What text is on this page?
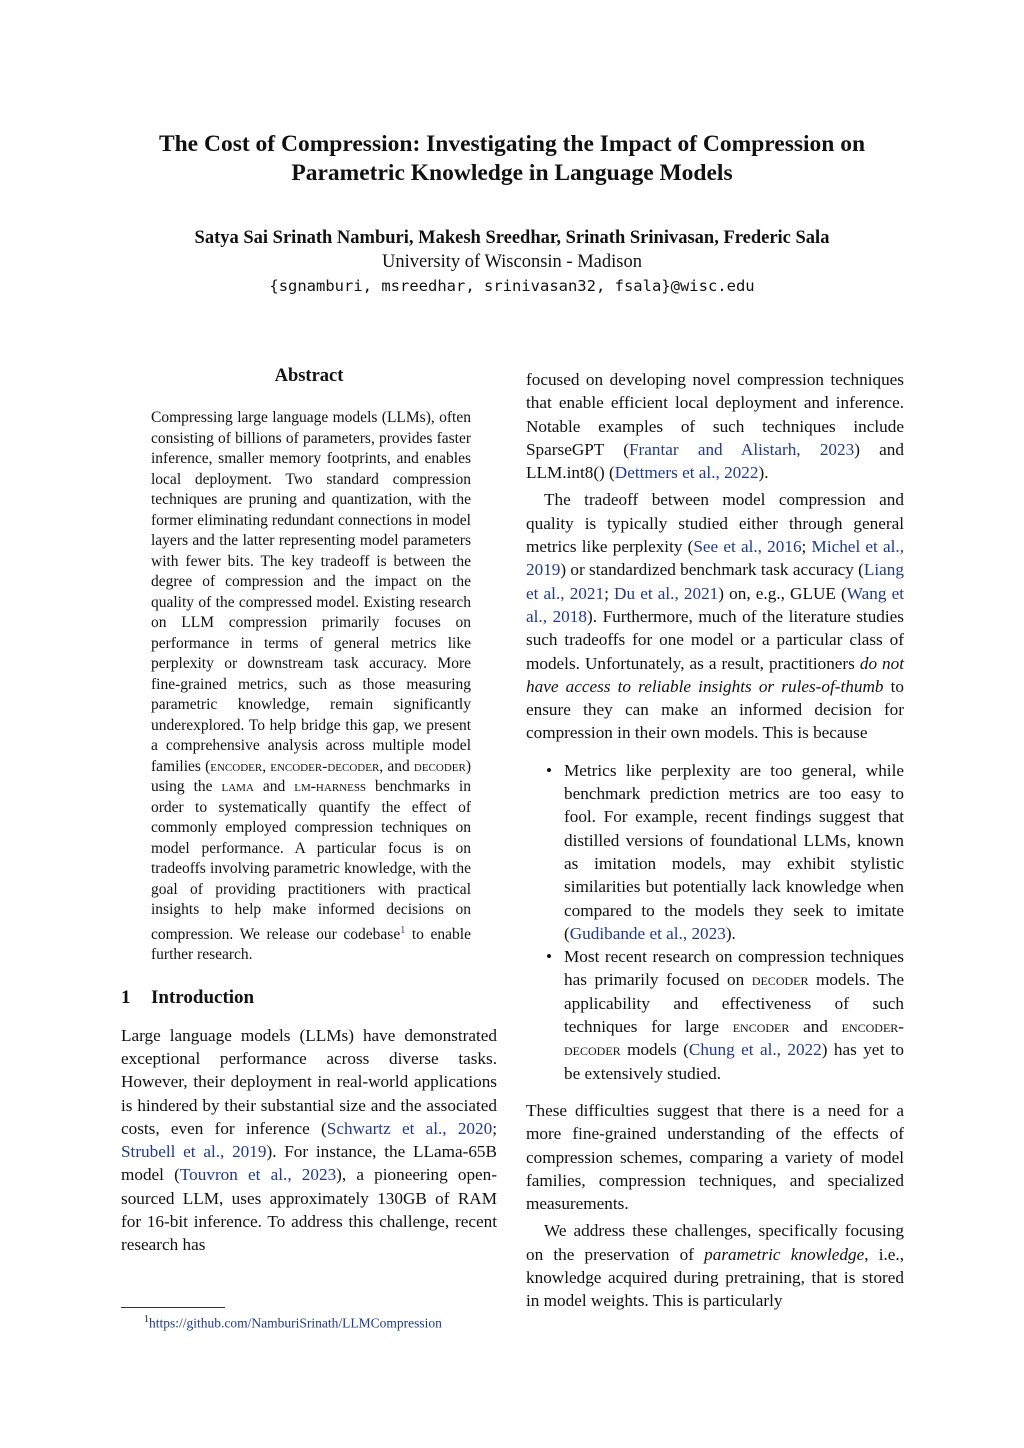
The Cost of Compression: Investigating the Impact of Compression on
Parametric Knowledge in Language Models
Satya Sai Srinath Namburi, Makesh Sreedhar, Srinath Srinivasan, Frederic Sala
University of Wisconsin - Madison
{sgnamburi, msreedhar, srinivasan32, fsala}@wisc.edu
Abstract
Compressing large language models (LLMs), often consisting of billions of parameters, provides faster inference, smaller memory footprints, and enables local deployment. Two standard compression techniques are pruning and quantization, with the former eliminating redundant connections in model layers and the latter representing model parameters with fewer bits. The key tradeoff is between the degree of compression and the impact on the quality of the compressed model. Existing research on LLM compression primarily focuses on performance in terms of general metrics like perplexity or downstream task accuracy. More fine-grained metrics, such as those measuring parametric knowledge, remain significantly underexplored. To help bridge this gap, we present a comprehensive analysis across multiple model families (encoder, encoder-decoder, and decoder) using the lama and lm-harness benchmarks in order to systematically quantify the effect of commonly employed compression techniques on model performance. A particular focus is on tradeoffs involving parametric knowledge, with the goal of providing practitioners with practical insights to help make informed decisions on compression. We release our codebase$^1$ to enable further research.
1 Introduction

Large language models (LLMs) have demonstrated exceptional performance across diverse tasks. However, their deployment in real-world applications is hindered by their substantial size and the associated costs, even for inference (Schwartz et al., 2020; Strubell et al., 2019). For instance, the LLama-65B model (Touvron et al., 2023), a pioneering open-sourced LLM, uses approximately 130GB of RAM for 16-bit inference. To address this challenge, recent research has

focused on developing novel compression techniques that enable efficient local deployment and inference. Notable examples of such techniques include SparseGPT (Frantar and Alistarh, 2023) and LLM.int8() (Dettmers et al., 2022).

The tradeoff between model compression and quality is typically studied either through general metrics like perplexity (See et al., 2016; Michel et al., 2019) or standardized benchmark task accuracy (Liang et al., 2021; Du et al., 2021) on, e.g., GLUE (Wang et al., 2018). Furthermore, much of the literature studies such tradeoffs for one model or a particular class of models. Unfortunately, as a result, practitioners do not have access to reliable insights or rules-of-thumb to ensure they can make an informed decision for compression in their own models. This is because

• Metrics like perplexity are too general, while benchmark prediction metrics are too easy to fool. For example, recent findings suggest that distilled versions of foundational LLMs, known as imitation models, may exhibit stylistic similarities but potentially lack knowledge when compared to the models they seek to imitate (Gudibande et al., 2023).
• Most recent research on compression techniques has primarily focused on decoder models. The applicability and effectiveness of such techniques for large encoder and encoder-decoder models (Chung et al., 2022) has yet to be extensively studied.

These difficulties suggest that there is a need for a more fine-grained understanding of the effects of compression schemes, comparing a variety of model families, compression techniques, and specialized measurements.

We address these challenges, specifically focusing on the preservation of parametric knowledge, i.e., knowledge acquired during pretraining, that is stored in model weights. This is particularly

$^1$https://github.com/NamburiSrinath/LLMCompression
